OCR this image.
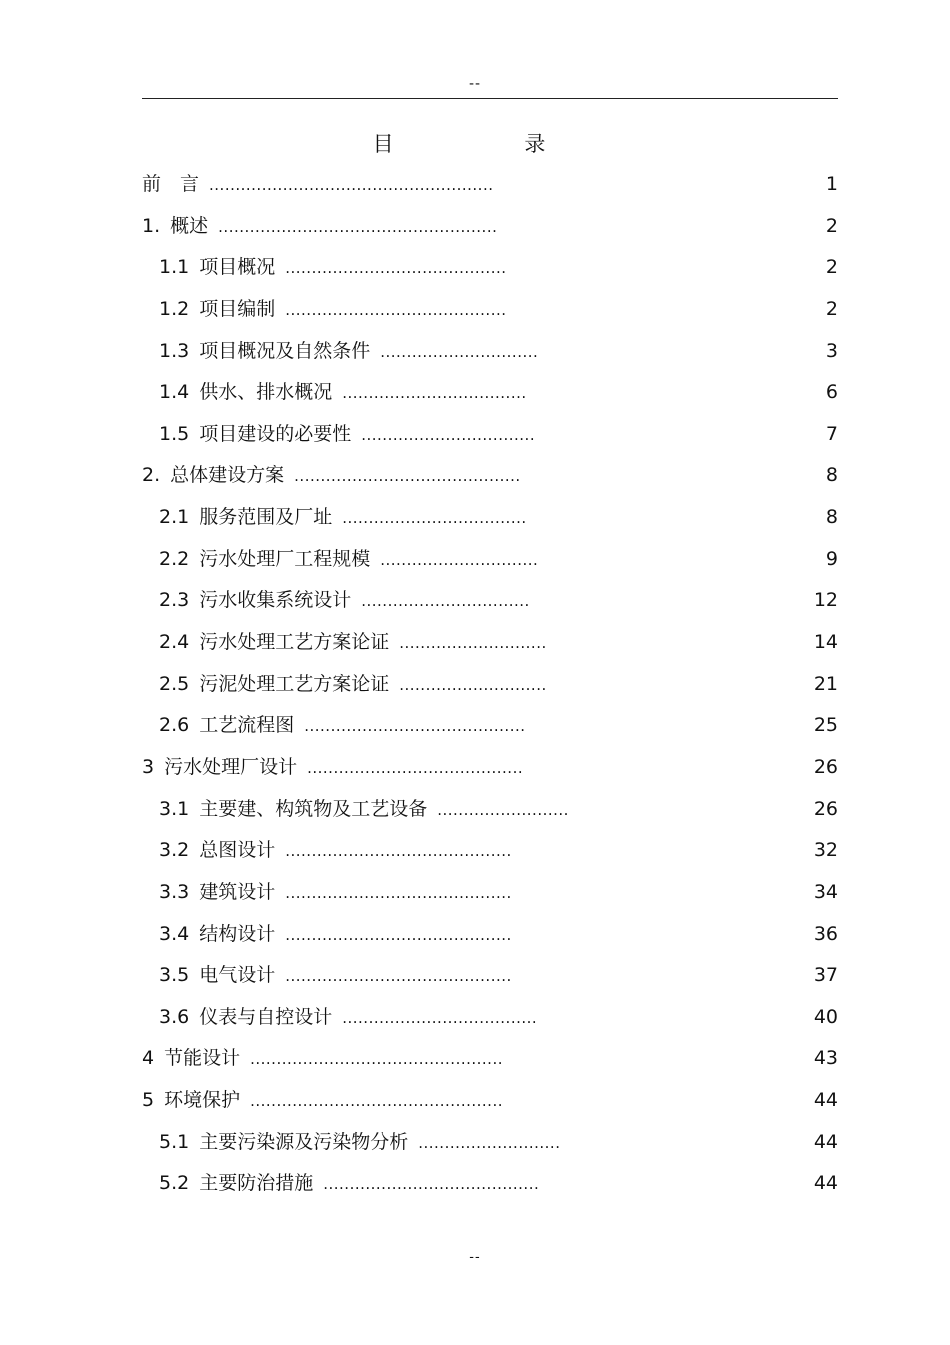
--
目 录
前　言 ......................................................	1
1. 概述 .....................................................	2
1.1 项目概况 ..........................................	2
1.2 项目编制 ..........................................	2
1.3 项目概况及自然条件 ..............................	3
1.4 供水、排水概况 ...................................	6
1.5 项目建设的必要性 .................................	7
2. 总体建设方案 ...........................................	8
2.1 服务范围及厂址 ...................................	8
2.2 污水处理厂工程规模 ..............................	9
2.3 污水收集系统设计 ................................	12
2.4 污水处理工艺方案论证 ............................	14
2.5 污泥处理工艺方案论证 ............................	21
2.6 工艺流程图 ..........................................	25
3 污水处理厂设计 .........................................	26
3.1 主要建、构筑物及工艺设备 .........................	26
3.2 总图设计 ...........................................	32
3.3 建筑设计 ...........................................	34
3.4 结构设计 ...........................................	36
3.5 电气设计 ...........................................	37
3.6 仪表与自控设计 .....................................	40
4 节能设计 ................................................	43
5 环境保护 ................................................	44
5.1 主要污染源及污染物分析 ...........................	44
5.2 主要防治措施 .........................................	44
--
